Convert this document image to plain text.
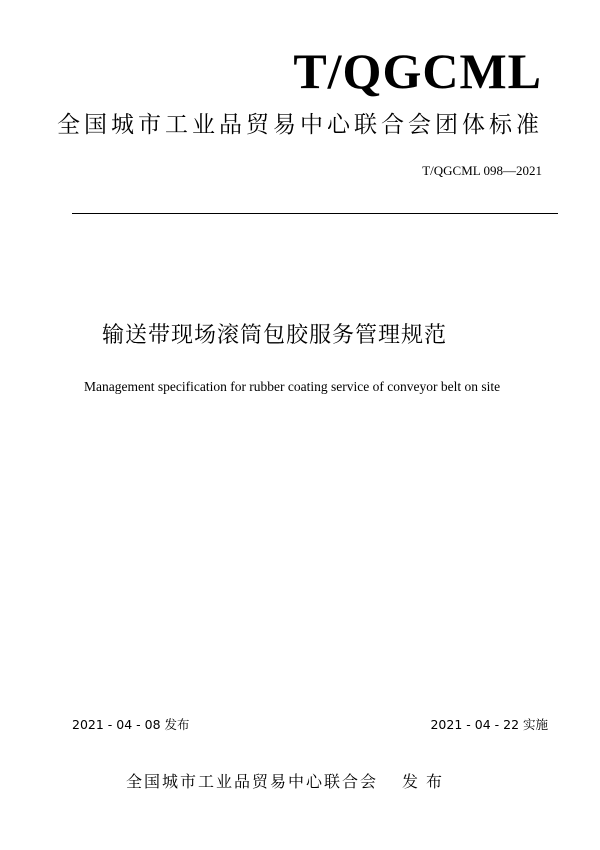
T/QGCML
全国城市工业品贸易中心联合会团体标准
T/QGCML 098—2021
输送带现场滚筒包胶服务管理规范
Management specification for rubber coating service of conveyor belt on site
2021 - 04 - 08 发布	2021 - 04 - 22 实施
全国城市工业品贸易中心联合会 发布
